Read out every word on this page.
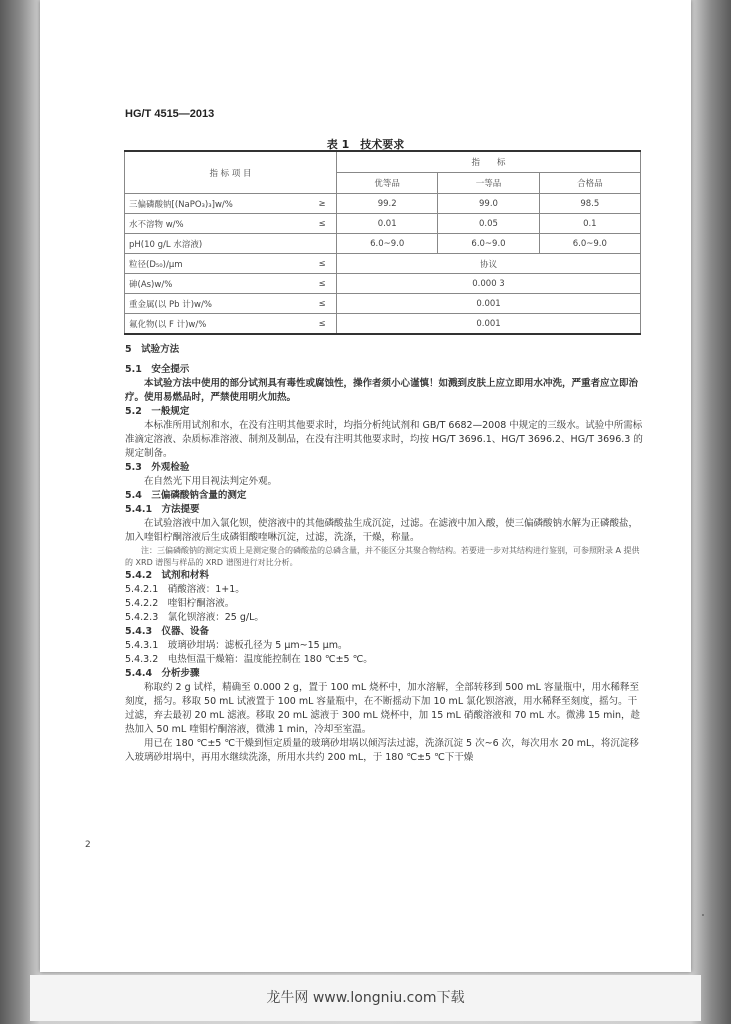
HG/T 4515—2013
表 1　技术要求
指 标 项 目		指　　标		
		优等品	一等品	合格品
三偏磷酸钠[(NaPO₃)₃]w/%	≥	99.2	99.0	98.5
水不溶物 w/%	≤	0.01	0.05	0.1
pH(10 g/L 水溶液)		6.0~9.0	6.0~9.0	6.0~9.0
粒径(D₅₀)/μm	≤	协议		
砷(As)w/%	≤	0.000 3		
重金属(以 Pb 计)w/%	≤	0.001		
氟化物(以 F 计)w/%	≤	0.001		
5　试验方法
5.1　安全提示
本试验方法中使用的部分试剂具有毒性或腐蚀性，操作者须小心谨慎！如溅到皮肤上应立即用水冲洗，严重者应立即治疗。使用易燃品时，严禁使用明火加热。
5.2　一般规定
本标准所用试剂和水，在没有注明其他要求时，均指分析纯试剂和 GB/T 6682—2008 中规定的三级水。试验中所需标准滴定溶液、杂质标准溶液、制剂及制品，在没有注明其他要求时，均按 HG/T 3696.1、HG/T 3696.2、HG/T 3696.3 的规定制备。
5.3　外观检验
在自然光下用目视法判定外观。
5.4　三偏磷酸钠含量的测定
5.4.1　方法提要
在试验溶液中加入氯化钡，使溶液中的其他磷酸盐生成沉淀，过滤。在滤液中加入酸，使三偏磷酸钠水解为正磷酸盐，加入喹钼柠酮溶液后生成磷钼酸喹啉沉淀，过滤，洗涤，干燥，称量。
注：三偏磷酸钠的测定实质上是测定聚合的磷酸盐的总磷含量，并不能区分其聚合物结构。若要进一步对其结构进行鉴别，可参照附录 A 提供的 XRD 谱图与样品的 XRD 谱图进行对比分析。
5.4.2　试剂和材料
5.4.2.1　硝酸溶液：1+1。
5.4.2.2　喹钼柠酮溶液。
5.4.2.3　氯化钡溶液：25 g/L。
5.4.3　仪器、设备
5.4.3.1　玻璃砂坩埚：滤板孔径为 5 μm~15 μm。
5.4.3.2　电热恒温干燥箱：温度能控制在 180 ℃±5 ℃。
5.4.4　分析步骤
称取约 2 g 试样，精确至 0.000 2 g，置于 100 mL 烧杯中，加水溶解，全部转移到 500 mL 容量瓶中，用水稀释至刻度，摇匀。移取 50 mL 试液置于 100 mL 容量瓶中，在不断摇动下加 10 mL 氯化钡溶液，用水稀释至刻度，摇匀。干过滤，弃去最初 20 mL 滤液。移取 20 mL 滤液于 300 mL 烧杯中，加 15 mL 硝酸溶液和 70 mL 水。微沸 15 min，趁热加入 50 mL 喹钼柠酮溶液，微沸 1 min，冷却至室温。
用已在 180 ℃±5 ℃干燥到恒定质量的玻璃砂坩埚以倾泻法过滤，洗涤沉淀 5 次~6 次，每次用水 20 mL，将沉淀移入玻璃砂坩埚中，再用水继续洗涤，所用水共约 200 mL，于 180 ℃±5 ℃下干燥
2
龙牛网 www.longniu.com下载
